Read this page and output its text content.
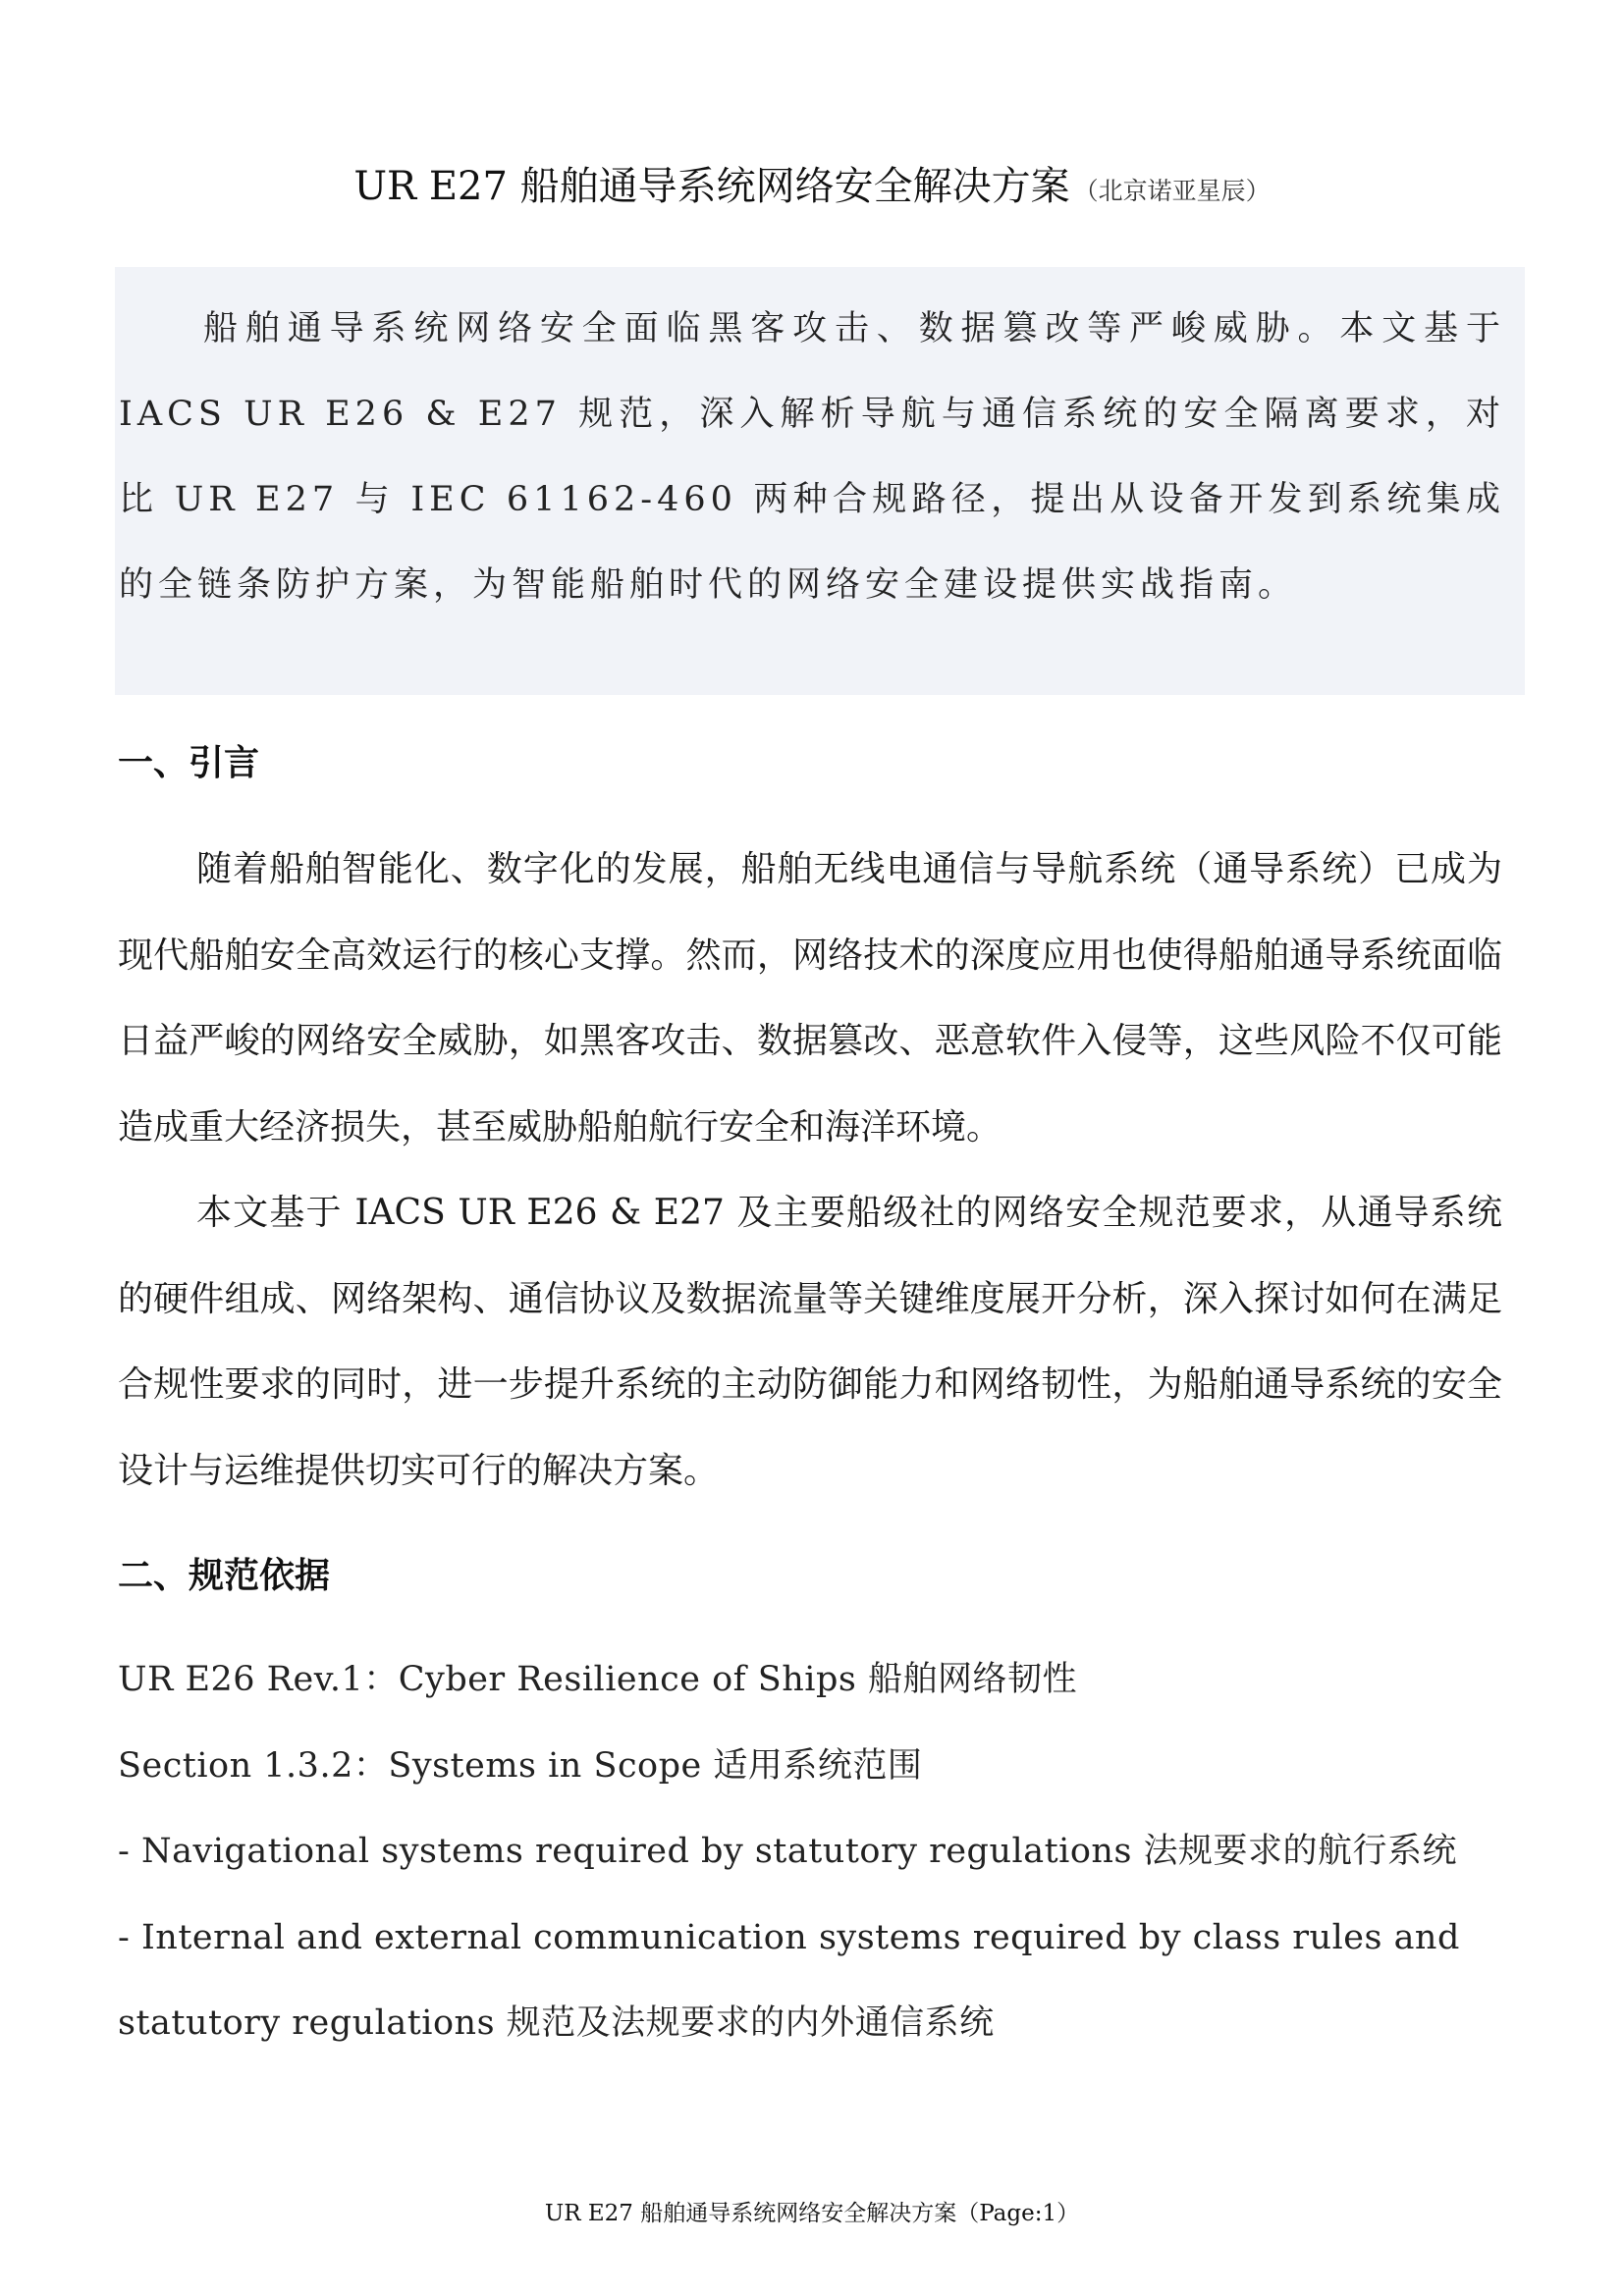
UR E27 船舶通导系统网络安全解决方案 （北京诺亚星辰）

船舶通导系统网络安全面临黑客攻击、数据篡改等严峻威胁。本文基于 IACS UR E26 & E27 规范，深入解析导航与通信系统的安全隔离要求，对比 UR E27 与 IEC 61162-460 两种合规路径，提出从设备开发到系统集成的全链条防护方案，为智能船舶时代的网络安全建设提供实战指南。

一、引言

随着船舶智能化、数字化的发展，船舶无线电通信与导航系统（通导系统）已成为现代船舶安全高效运行的核心支撑。然而，网络技术的深度应用也使得船舶通导系统面临日益严峻的网络安全威胁，如黑客攻击、数据篡改、恶意软件入侵等，这些风险不仅可能造成重大经济损失，甚至威胁船舶航行安全和海洋环境。

本文基于 IACS UR E26 & E27 及主要船级社的网络安全规范要求，从通导系统的硬件组成、网络架构、通信协议及数据流量等关键维度展开分析，深入探讨如何在满足合规性要求的同时，进一步提升系统的主动防御能力和网络韧性，为船舶通导系统的安全设计与运维提供切实可行的解决方案。

二、规范依据

UR E26 Rev.1：Cyber Resilience of Ships 船舶网络韧性

Section 1.3.2：Systems in Scope 适用系统范围

- Navigational systems required by statutory regulations 法规要求的航行系统

- Internal and external communication systems required by class rules and statutory regulations 规范及法规要求的内外通信系统

UR E27 船舶通导系统网络安全解决方案（Page:1）
